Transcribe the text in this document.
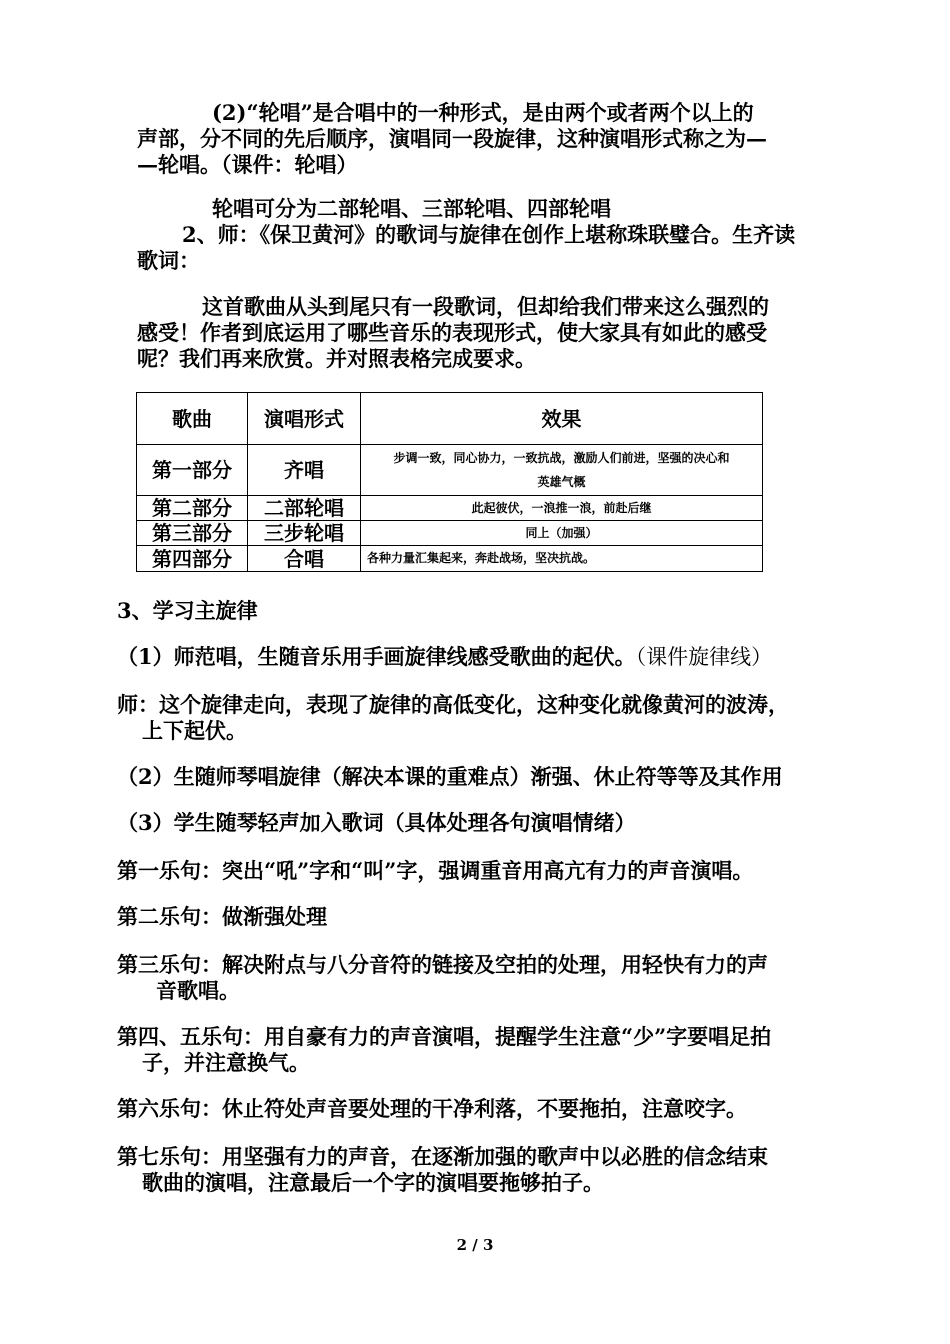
(2)“轮唱”是合唱中的一种形式，是由两个或者两个以上的
声部，分不同的先后顺序，演唱同一段旋律，这种演唱形式称之为—
—轮唱。（课件：轮唱）
轮唱可分为二部轮唱、三部轮唱、四部轮唱
2、师：《保卫黄河》的歌词与旋律在创作上堪称珠联璧合。生齐读
歌词：
这首歌曲从头到尾只有一段歌词，但却给我们带来这么强烈的
感受！作者到底运用了哪些音乐的表现形式，使大家具有如此的感受
呢？我们再来欣赏。并对照表格完成要求。
歌曲	演唱形式	效果
第一部分	齐唱	步调一致，同心协力，一致抗战，激励人们前进，坚强的决心和
英雄气概

第二部分	二部轮唱	此起彼伏，一浪推一浪，前赴后继
第三部分	三步轮唱	同上（加强）
第四部分	合唱	各种力量汇集起来，奔赴战场，坚决抗战。
3、学习主旋律
（1）师范唱，生随音乐用手画旋律线感受歌曲的起伏。（课件旋律线）
师：这个旋律走向，表现了旋律的高低变化，这种变化就像黄河的波涛，
上下起伏。
（2）生随师琴唱旋律（解决本课的重难点）渐强、休止符等等及其作用
（3）学生随琴轻声加入歌词（具体处理各句演唱情绪）
第一乐句：突出“吼”字和“叫”字，强调重音用高亢有力的声音演唱。
第二乐句：做渐强处理
第三乐句：解决附点与八分音符的链接及空拍的处理，用轻快有力的声
音歌唱。
第四、五乐句：用自豪有力的声音演唱，提醒学生注意“少”字要唱足拍
子，并注意换气。
第六乐句：休止符处声音要处理的干净利落，不要拖拍，注意咬字。
第七乐句：用坚强有力的声音，在逐渐加强的歌声中以必胜的信念结束
歌曲的演唱，注意最后一个字的演唱要拖够拍子。
2 / 3
